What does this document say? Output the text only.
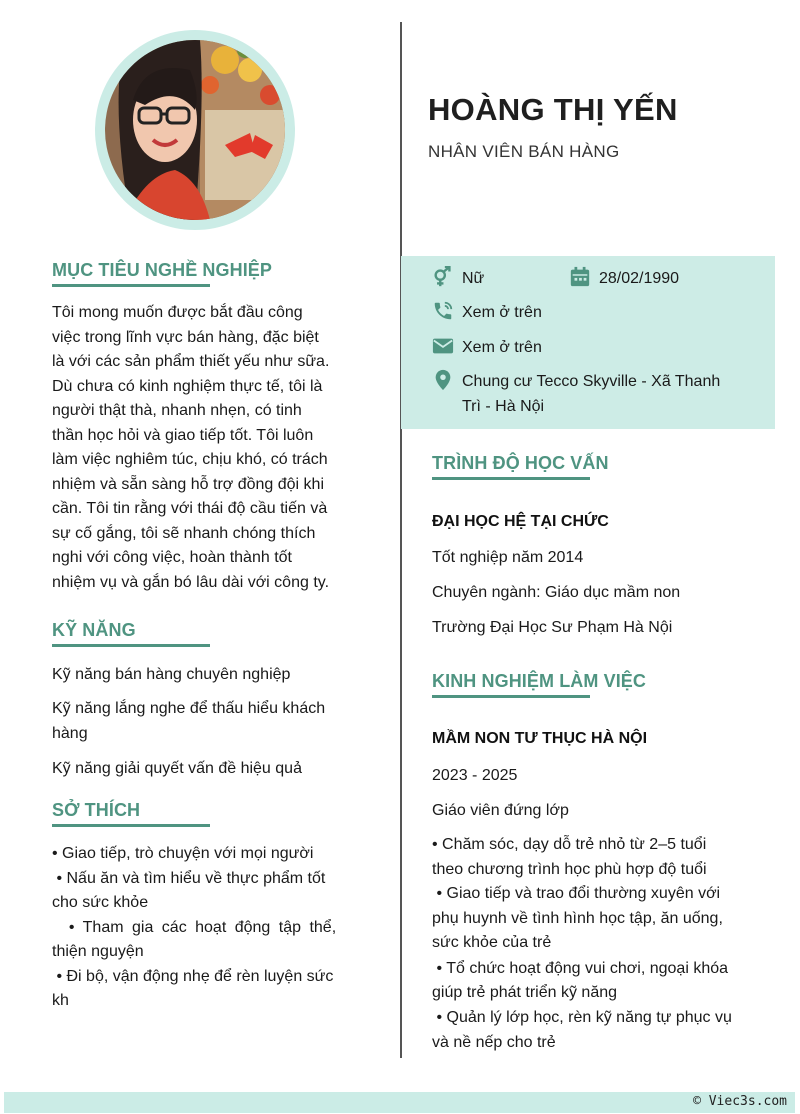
MỤC TIÊU NGHỀ NGHIỆP
Tôi mong muốn được bắt đầu công
việc trong lĩnh vực bán hàng, đặc biệt
là với các sản phẩm thiết yếu như sữa.
Dù chưa có kinh nghiệm thực tế, tôi là
người thật thà, nhanh nhẹn, có tinh
thần học hỏi và giao tiếp tốt. Tôi luôn
làm việc nghiêm túc, chịu khó, có trách
nhiệm và sẵn sàng hỗ trợ đồng đội khi
cần. Tôi tin rằng với thái độ cầu tiến và
sự cố gắng, tôi sẽ nhanh chóng thích
nghi với công việc, hoàn thành tốt
nhiệm vụ và gắn bó lâu dài với công ty.
KỸ NĂNG
Kỹ năng bán hàng chuyên nghiệp
Kỹ năng lắng nghe để thấu hiểu khách
hàng
Kỹ năng giải quyết vấn đề hiệu quả
SỞ THÍCH
• Giao tiếp, trò chuyện với mọi người
• Nấu ăn và tìm hiểu về thực phẩm tốt
cho sức khỏe
• Tham gia các hoạt động tập thể,
thiện nguyện
• Đi bộ, vận động nhẹ để rèn luyện sức
kh
HOÀNG THỊ YẾN
NHÂN VIÊN BÁN HÀNG
Nữ	28/02/1990
Xem ở trên
Xem ở trên
Chung cư Tecco Skyville - Xã Thanh
Trì - Hà Nội
TRÌNH ĐỘ HỌC VẤN
ĐẠI HỌC HỆ TẠI CHỨC
Tốt nghiệp năm 2014
Chuyên ngành: Giáo dục mầm non
Trường Đại Học Sư Phạm Hà Nội
KINH NGHIỆM LÀM VIỆC
MẦM NON TƯ THỤC HÀ NỘI
2023 - 2025
Giáo viên đứng lớp
• Chăm sóc, dạy dỗ trẻ nhỏ từ 2–5 tuổi
theo chương trình học phù hợp độ tuổi
• Giao tiếp và trao đổi thường xuyên với
phụ huynh về tình hình học tập, ăn uống,
sức khỏe của trẻ
• Tổ chức hoạt động vui chơi, ngoại khóa
giúp trẻ phát triển kỹ năng
• Quản lý lớp học, rèn kỹ năng tự phục vụ
và nề nếp cho trẻ
© Viec3s.com
